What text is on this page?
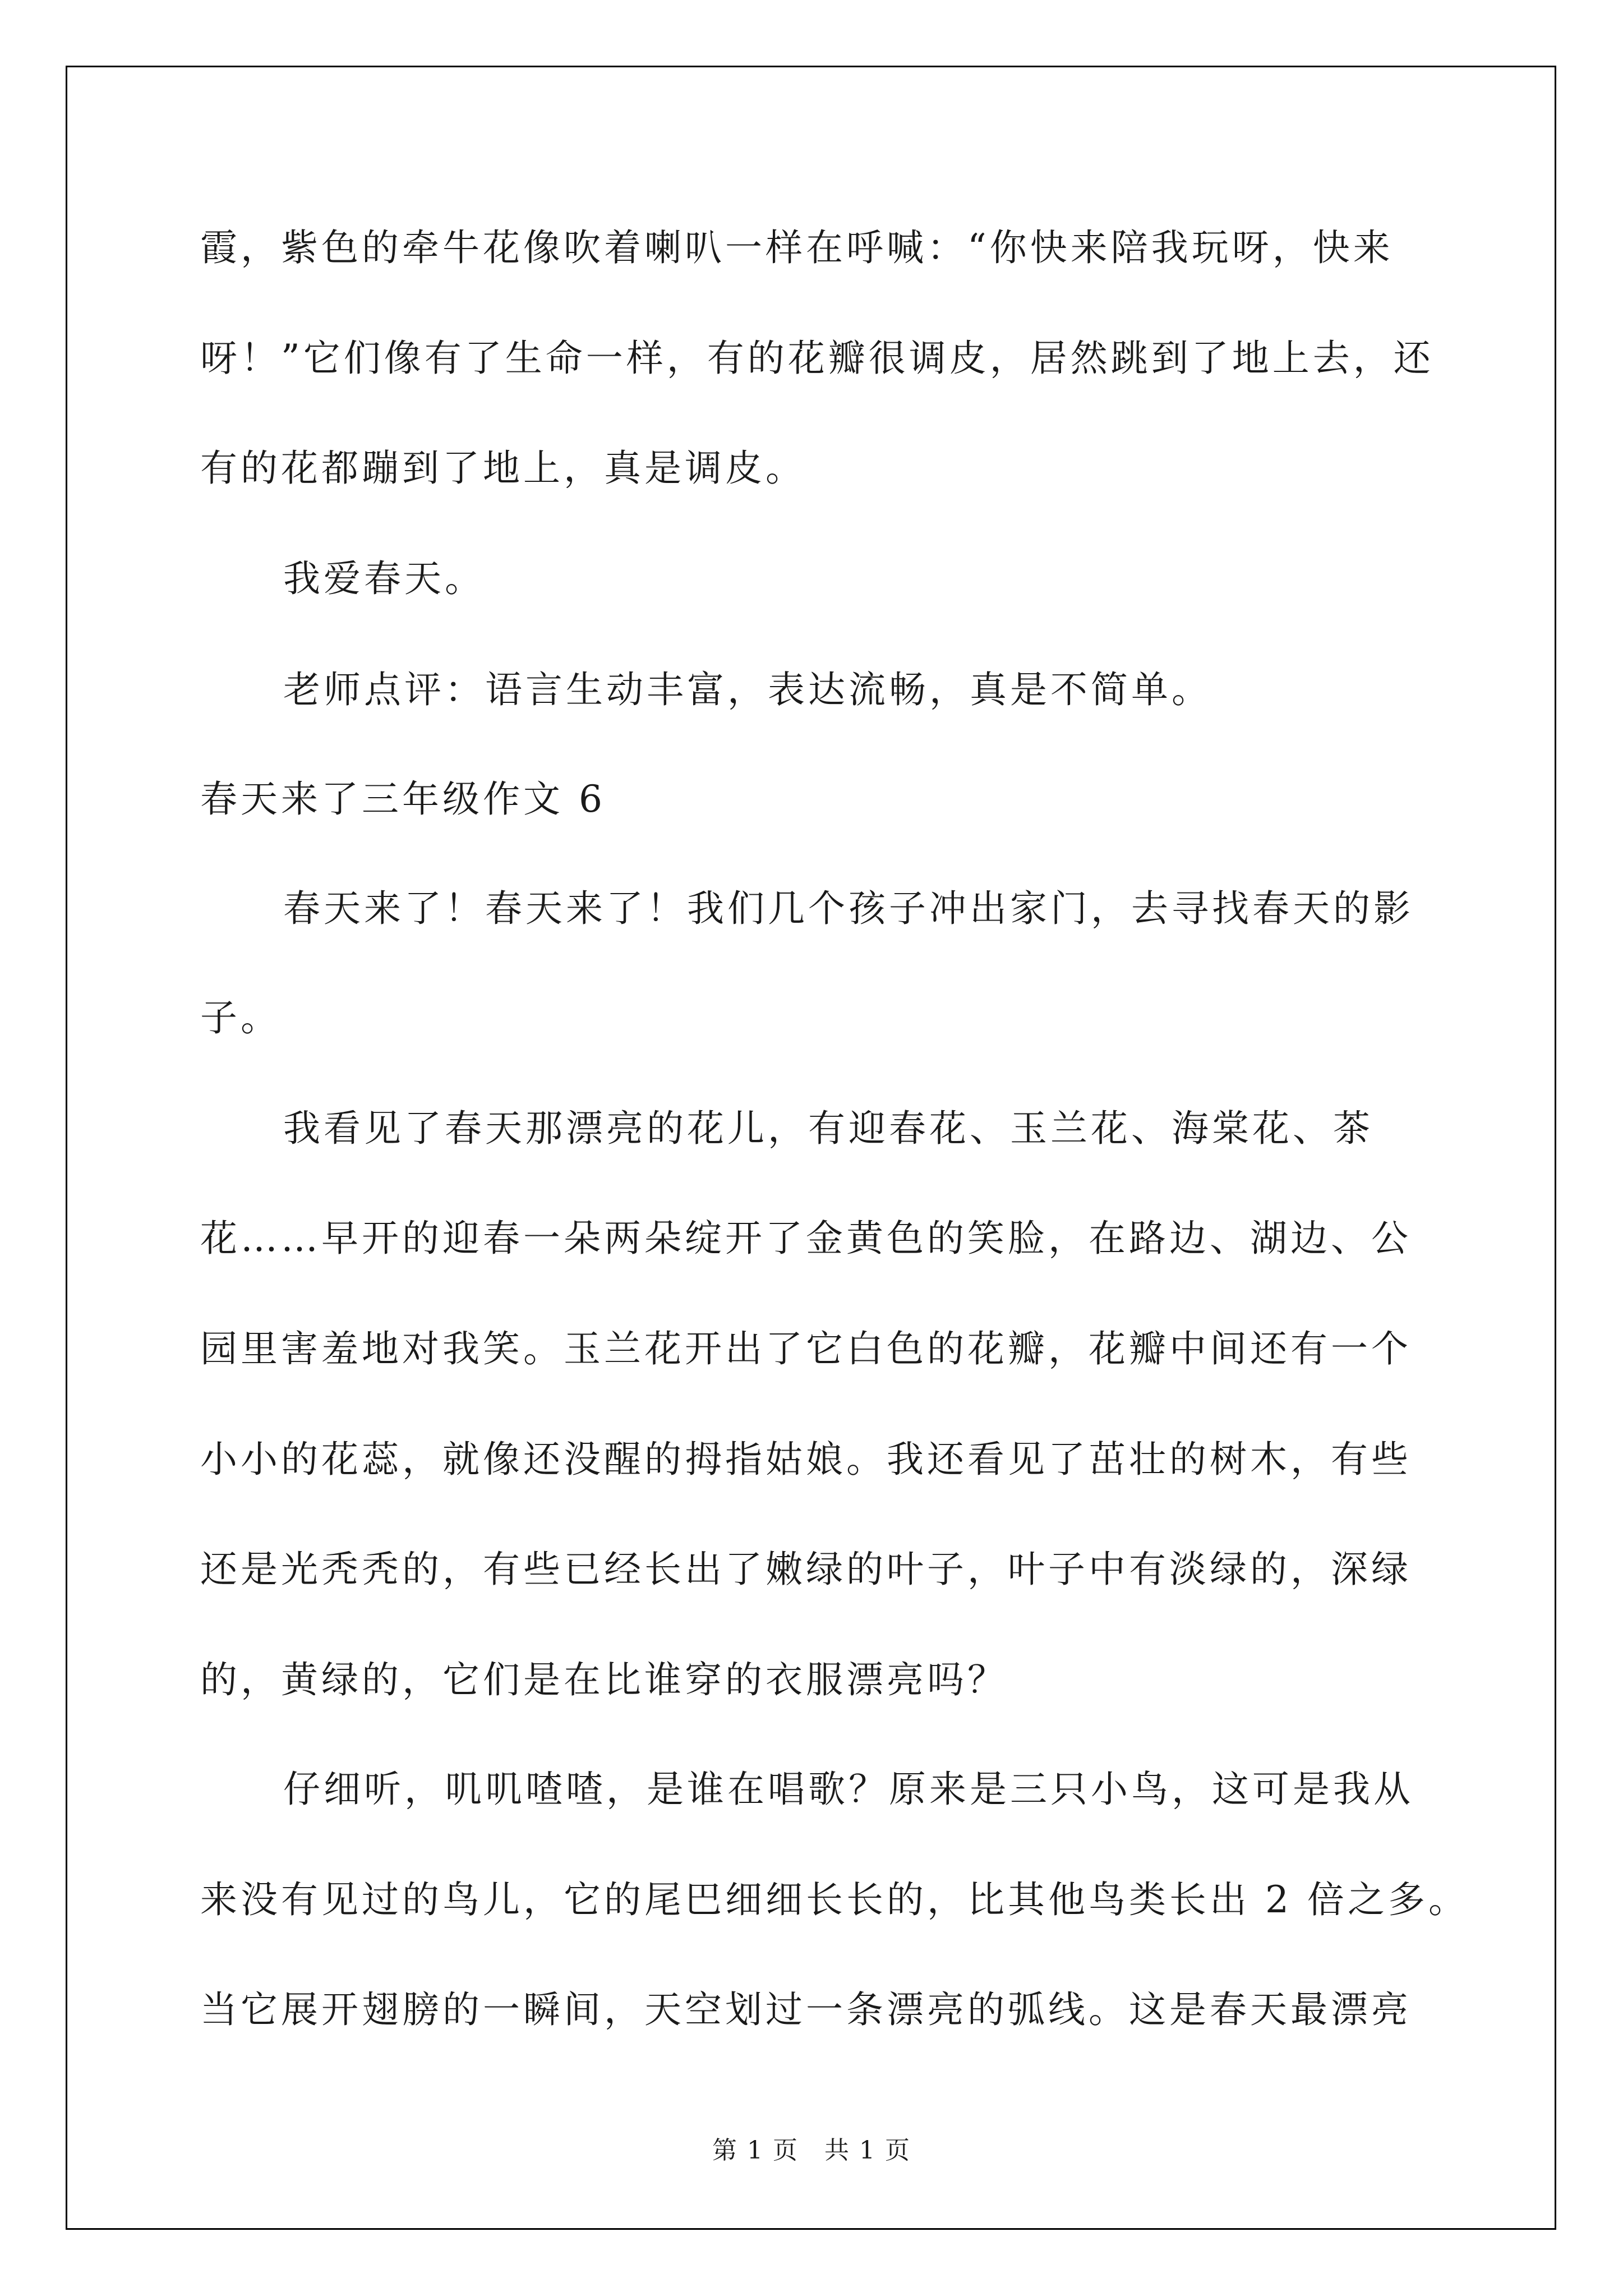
霞，紫色的牵牛花像吹着喇叭一样在呼喊：“你快来陪我玩呀，快来
呀！”它们像有了生命一样，有的花瓣很调皮，居然跳到了地上去，还
有的花都蹦到了地上，真是调皮。
我爱春天。
老师点评：语言生动丰富，表达流畅，真是不简单。
春天来了三年级作文 6
春天来了！春天来了！我们几个孩子冲出家门，去寻找春天的影
子。
我看见了春天那漂亮的花儿，有迎春花、玉兰花、海棠花、茶
花……早开的迎春一朵两朵绽开了金黄色的笑脸，在路边、湖边、公
园里害羞地对我笑。玉兰花开出了它白色的花瓣，花瓣中间还有一个
小小的花蕊，就像还没醒的拇指姑娘。我还看见了茁壮的树木，有些
还是光秃秃的，有些已经长出了嫩绿的叶子，叶子中有淡绿的，深绿
的，黄绿的，它们是在比谁穿的衣服漂亮吗？
仔细听，叽叽喳喳，是谁在唱歌？原来是三只小鸟，这可是我从
来没有见过的鸟儿，它的尾巴细细长长的，比其他鸟类长出 2 倍之多。
当它展开翅膀的一瞬间，天空划过一条漂亮的弧线。这是春天最漂亮
第 1 页　共 1 页
